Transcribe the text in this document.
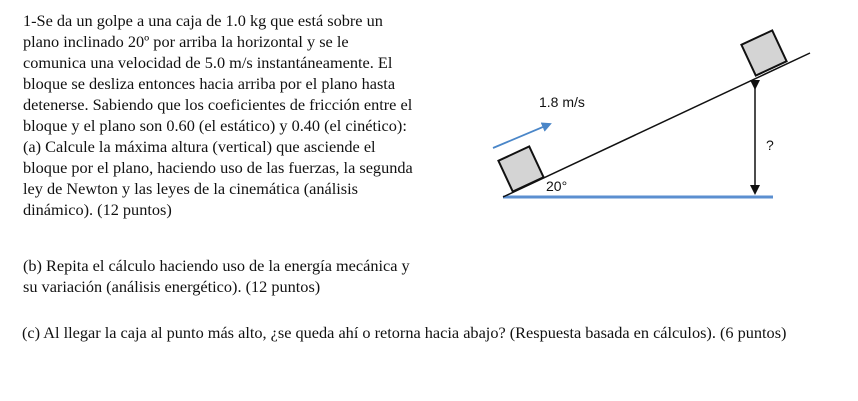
1-Se da un golpe a una caja de 1.0 kg que está sobre un
plano inclinado 20º por arriba la horizontal y se le
comunica una velocidad de 5.0 m/s instantáneamente. El
bloque se desliza entonces hacia arriba por el plano hasta
detenerse. Sabiendo que los coeficientes de fricción entre el
bloque y el plano son 0.60 (el estático) y 0.40 (el cinético):
(a) Calcule la máxima altura (vertical) que asciende el
bloque por el plano, haciendo uso de las fuerzas, la segunda
ley de Newton y las leyes de la cinemática (análisis
dinámico). (12 puntos)
(b) Repita el cálculo haciendo uso de la energía mecánica y
su variación (análisis energético). (12 puntos)

(c) Al llegar la caja al punto más alto, ¿se queda ahí o retorna hacia abajo? (Respuesta basada en cálculos). (6 puntos)

1.8 m/s
20°
?
